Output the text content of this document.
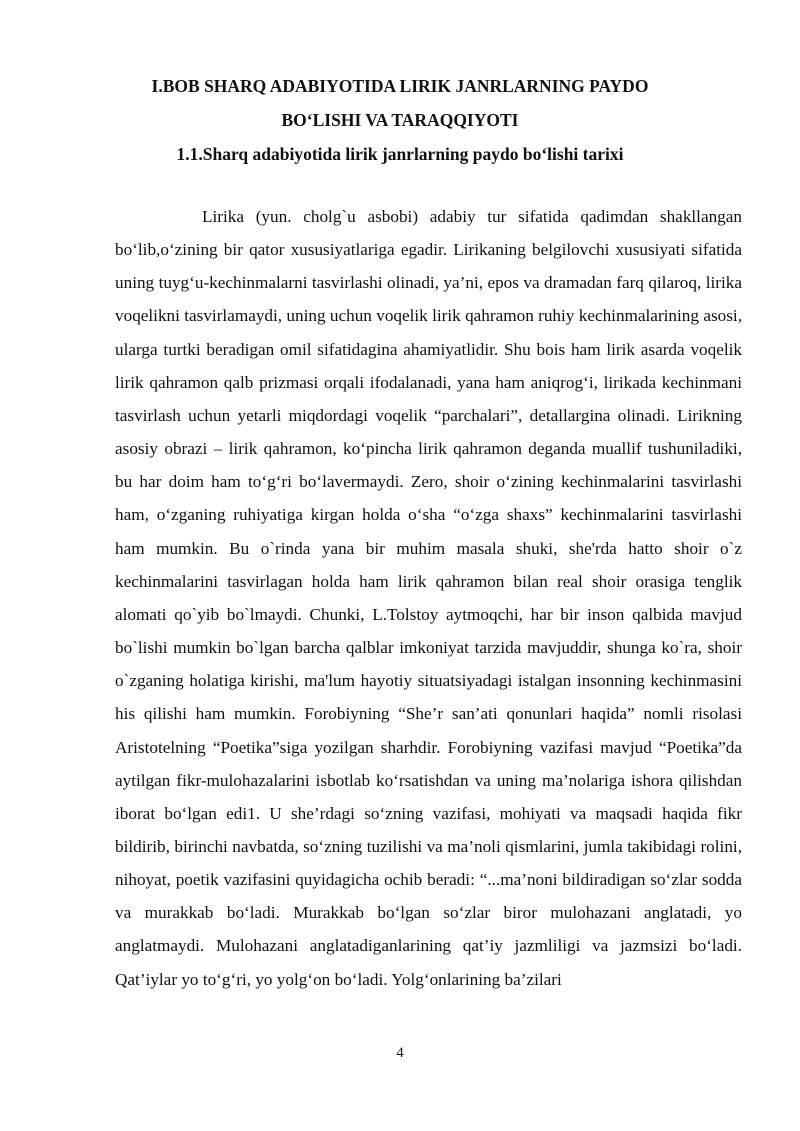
I.BOB SHARQ ADABIYOTIDA LIRIK JANRLARNING PAYDO

BO‘LISHI VA TARAQQIYOTI

1.1.Sharq adabiyotida lirik janrlarning paydo bo‘lishi tarixi

Lirika (yun. cholg`u asbobi) adabiy tur sifatida qadimdan shakllangan bo‘lib,o‘zining bir qator xususiyatlariga egadir. Lirikaning belgilovchi xususiyati sifatida uning tuyg‘u-kechinmalarni tasvirlashi olinadi, ya’ni, epos va dramadan farq qilaroq, lirika voqelikni tasvirlamaydi, uning uchun voqelik lirik qahramon ruhiy kechinmalarining asosi, ularga turtki beradigan omil sifatidagina ahamiyatlidir. Shu bois ham lirik asarda voqelik lirik qahramon qalb prizmasi orqali ifodalanadi, yana ham aniqrog‘i, lirikada kechinmani tasvirlash uchun yetarli miqdordagi voqelik “parchalari”, detallargina olinadi. Lirikning asosiy obrazi – lirik qahramon, ko‘pincha lirik qahramon deganda muallif tushuniladiki, bu har doim ham to‘g‘ri bo‘lavermaydi. Zero, shoir o‘zining kechinmalarini tasvirlashi ham, o‘zganing ruhiyatiga kirgan holda o‘sha “o‘zga shaxs” kechinmalarini tasvirlashi ham mumkin. Bu o`rinda yana bir muhim masala shuki, she'rda hatto shoir o`z kechinmalarini tasvirlagan holda ham lirik qahramon bilan real shoir orasiga tenglik alomati qo`yib bo`lmaydi. Chunki, L.Tolstoy aytmoqchi, har bir inson qalbida mavjud bo`lishi mumkin bo`lgan barcha qalblar imkoniyat tarzida mavjuddir, shunga ko`ra, shoir o`zganing holatiga kirishi, ma'lum hayotiy situatsiyadagi istalgan insonning kechinmasini his qilishi ham mumkin. Forobiyning “She’r san’ati qonunlari haqida” nomli risolasi Aristotelning “Poetika”siga yozilgan sharhdir. Forobiyning vazifasi mavjud “Poetika”da aytilgan fikr-mulohazalarini isbotlab ko‘rsatishdan va uning ma’nolariga ishora qilishdan iborat bo‘lgan edi1. U she’rdagi so‘zning vazifasi, mohiyati va maqsadi haqida fikr bildirib, birinchi navbatda, so‘zning tuzilishi va ma’noli qismlarini, jumla takibidagi rolini, nihoyat, poetik vazifasini quyidagicha ochib beradi: “...ma’noni bildiradigan so‘zlar sodda va murakkab bo‘ladi. Murakkab bo‘lgan so‘zlar biror mulohazani anglatadi, yo anglatmaydi. Mulohazani anglatadiganlarining qat’iy jazmliligi va jazmsizi bo‘ladi. Qat’iylar yo to‘g‘ri, yo yolg‘on bo‘ladi. Yolg‘onlarining ba’zilari

4
